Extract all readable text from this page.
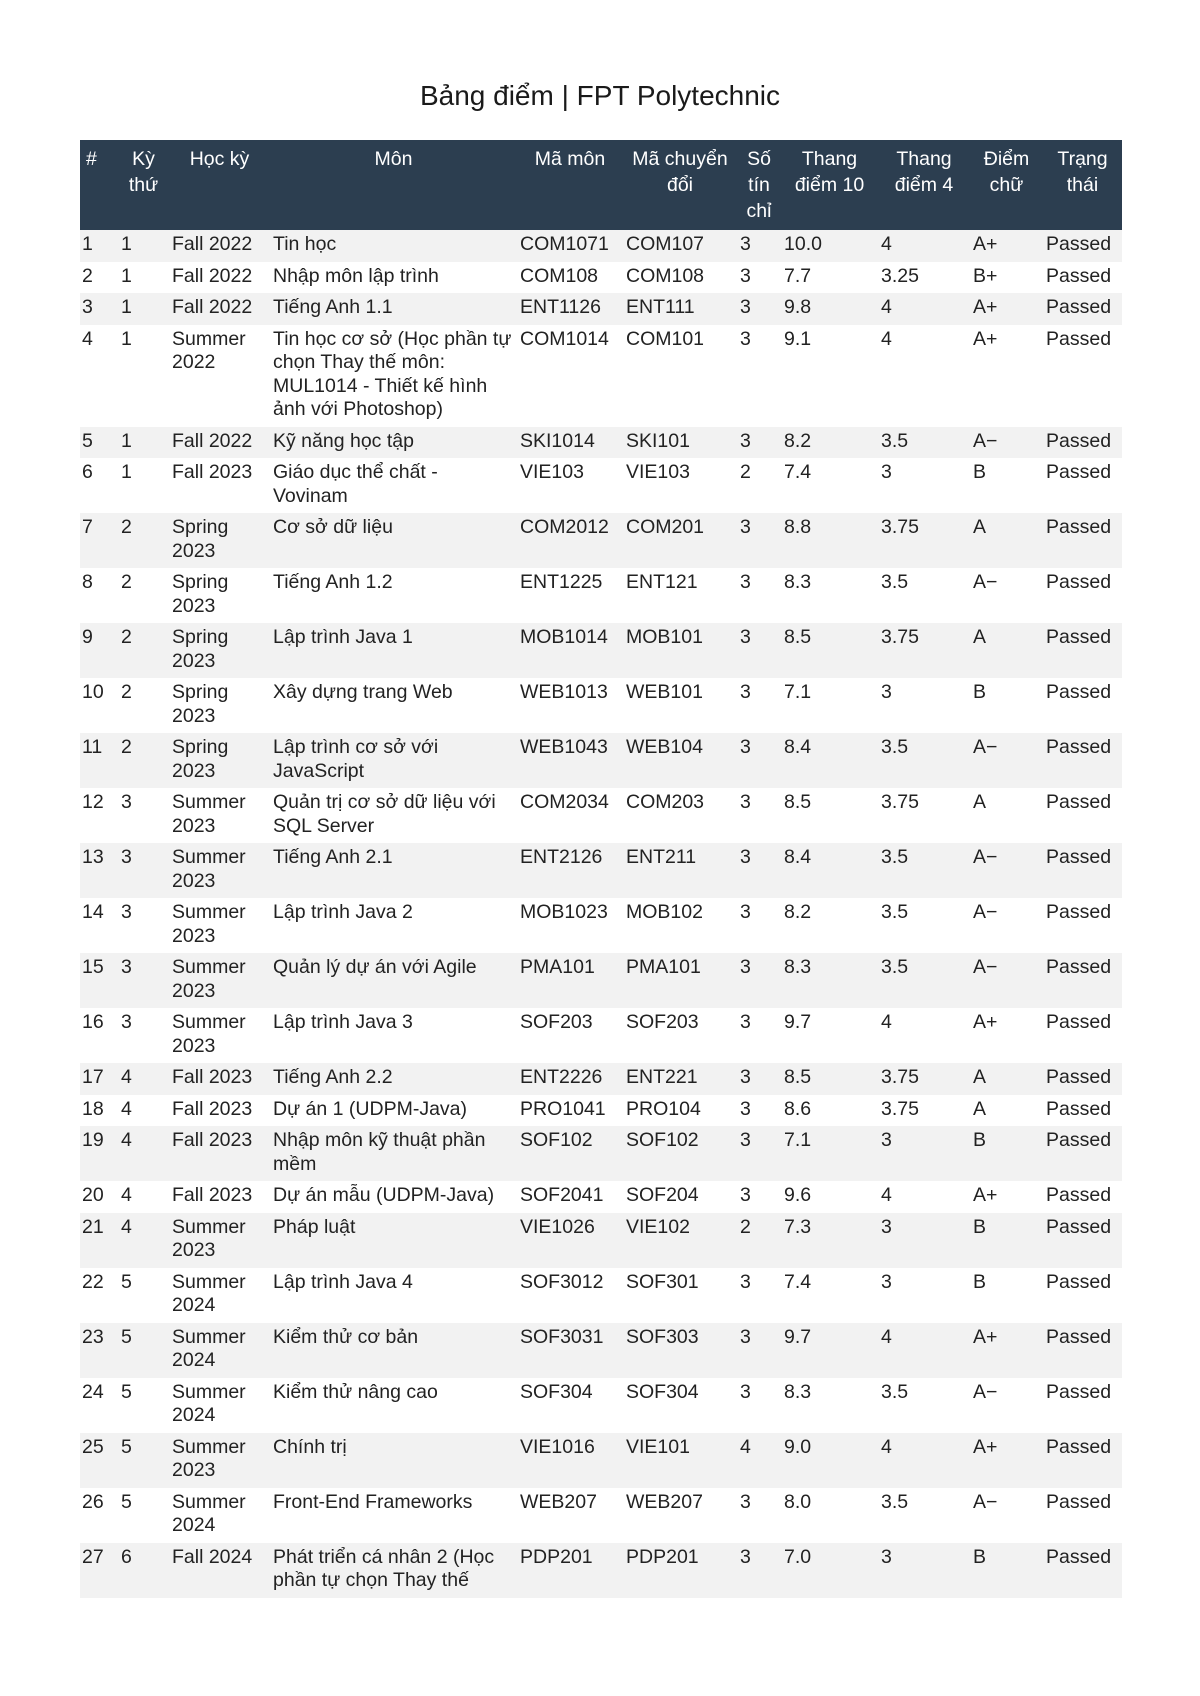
Bảng điểm | FPT Polytechnic
#	Kỳ thứ	Học kỳ	Môn	Mã môn	Mã chuyển đổi	Số tín chỉ	Thang điểm 10	Thang điểm 4	Điểm chữ	Trạng thái
1	1	Fall 2022	Tin học	COM1071	COM107	3	10.0	4	A+	Passed
2	1	Fall 2022	Nhập môn lập trình	COM108	COM108	3	7.7	3.25	B+	Passed
3	1	Fall 2022	Tiếng Anh 1.1	ENT1126	ENT111	3	9.8	4	A+	Passed
4	1	Summer 2022	Tin học cơ sở (Học phần tự chọn Thay thế môn: MUL1014 - Thiết kế hình ảnh với Photoshop)	COM1014	COM101	3	9.1	4	A+	Passed
5	1	Fall 2022	Kỹ năng học tập	SKI1014	SKI101	3	8.2	3.5	A−	Passed
6	1	Fall 2023	Giáo dục thể chất - Vovinam	VIE103	VIE103	2	7.4	3	B	Passed
7	2	Spring 2023	Cơ sở dữ liệu	COM2012	COM201	3	8.8	3.75	A	Passed
8	2	Spring 2023	Tiếng Anh 1.2	ENT1225	ENT121	3	8.3	3.5	A−	Passed
9	2	Spring 2023	Lập trình Java 1	MOB1014	MOB101	3	8.5	3.75	A	Passed
10	2	Spring 2023	Xây dựng trang Web	WEB1013	WEB101	3	7.1	3	B	Passed
11	2	Spring 2023	Lập trình cơ sở với JavaScript	WEB1043	WEB104	3	8.4	3.5	A−	Passed
12	3	Summer 2023	Quản trị cơ sở dữ liệu với SQL Server	COM2034	COM203	3	8.5	3.75	A	Passed
13	3	Summer 2023	Tiếng Anh 2.1	ENT2126	ENT211	3	8.4	3.5	A−	Passed
14	3	Summer 2023	Lập trình Java 2	MOB1023	MOB102	3	8.2	3.5	A−	Passed
15	3	Summer 2023	Quản lý dự án với Agile	PMA101	PMA101	3	8.3	3.5	A−	Passed
16	3	Summer 2023	Lập trình Java 3	SOF203	SOF203	3	9.7	4	A+	Passed
17	4	Fall 2023	Tiếng Anh 2.2	ENT2226	ENT221	3	8.5	3.75	A	Passed
18	4	Fall 2023	Dự án 1 (UDPM-Java)	PRO1041	PRO104	3	8.6	3.75	A	Passed
19	4	Fall 2023	Nhập môn kỹ thuật phần mềm	SOF102	SOF102	3	7.1	3	B	Passed
20	4	Fall 2023	Dự án mẫu (UDPM-Java)	SOF2041	SOF204	3	9.6	4	A+	Passed
21	4	Summer 2023	Pháp luật	VIE1026	VIE102	2	7.3	3	B	Passed
22	5	Summer 2024	Lập trình Java 4	SOF3012	SOF301	3	7.4	3	B	Passed
23	5	Summer 2024	Kiểm thử cơ bản	SOF3031	SOF303	3	9.7	4	A+	Passed
24	5	Summer 2024	Kiểm thử nâng cao	SOF304	SOF304	3	8.3	3.5	A−	Passed
25	5	Summer 2023	Chính trị	VIE1016	VIE101	4	9.0	4	A+	Passed
26	5	Summer 2024	Front-End Frameworks	WEB207	WEB207	3	8.0	3.5	A−	Passed
27	6	Fall 2024	Phát triển cá nhân 2 (Học phần tự chọn Thay thế	PDP201	PDP201	3	7.0	3	B	Passed
